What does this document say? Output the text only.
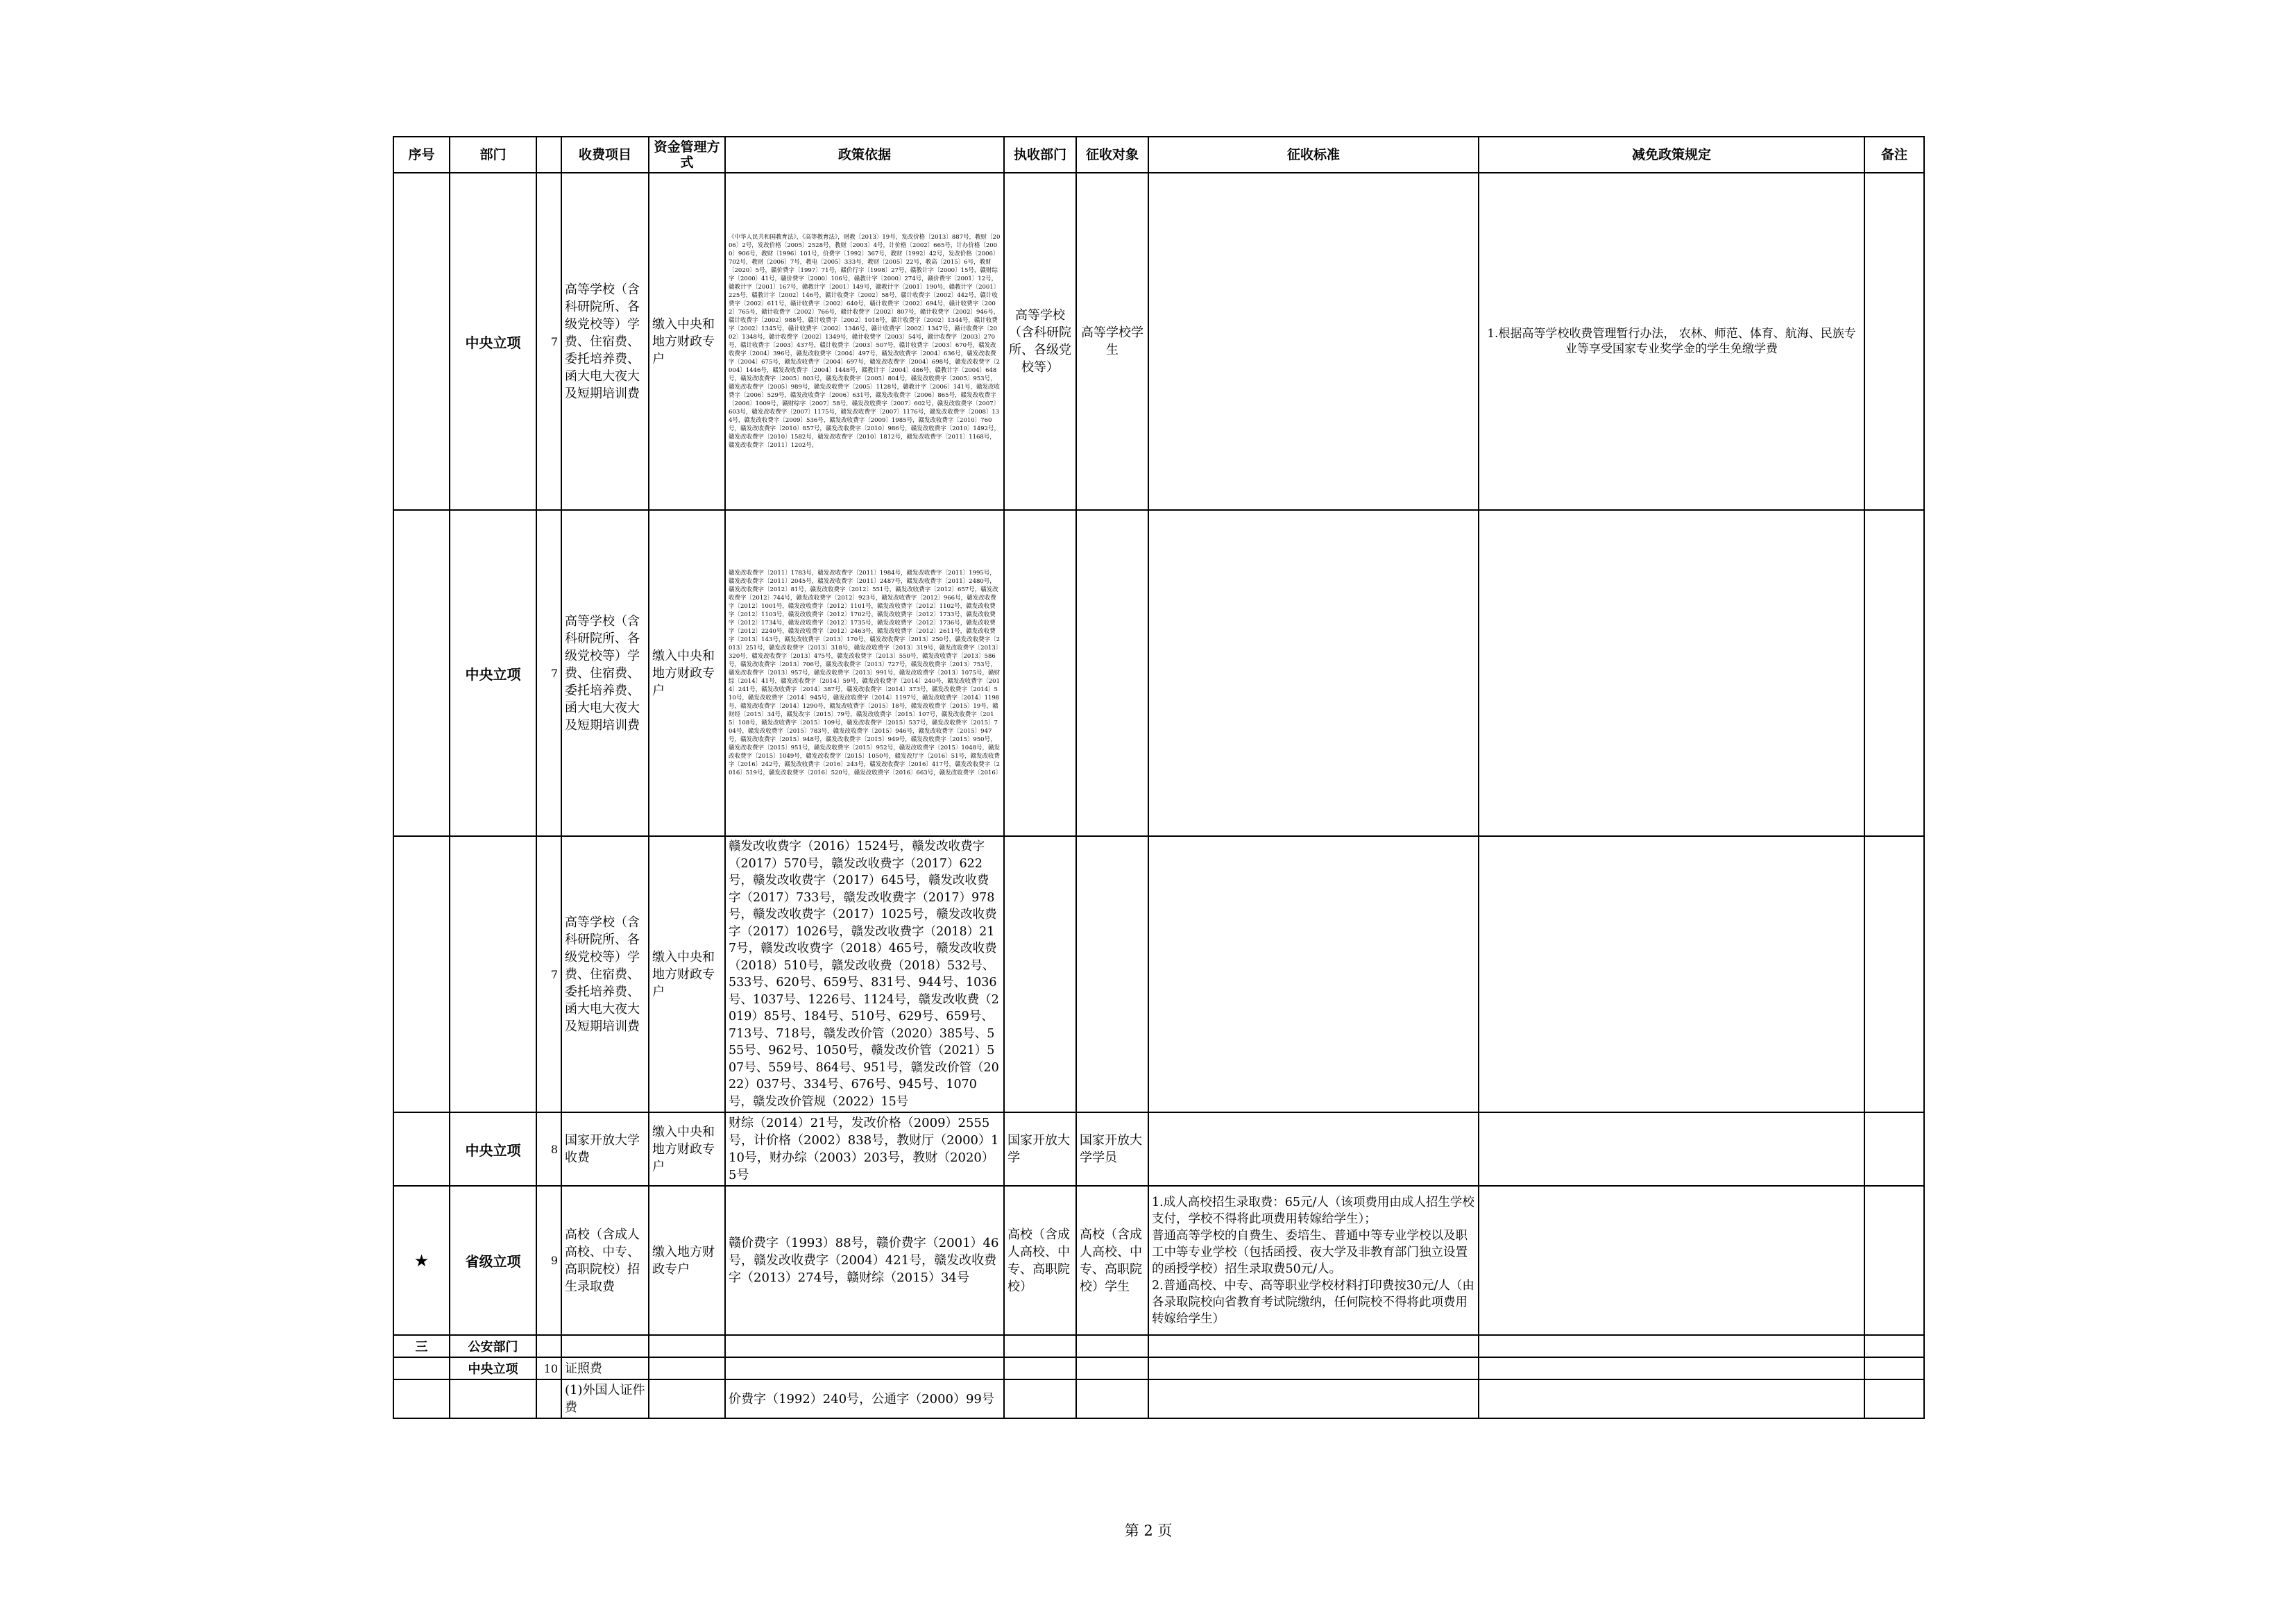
序号	部门		收费项目	资金管理方式	政策依据	执收部门	征收对象	征收标准	减免政策规定	备注
	中央立项	7	高等学校（含科研院所、各级党校等）学费、住宿费、委托培养费、函大电大夜大及短期培训费	缴入中央和地方财政专户	《中华人民共和国教育法》，《高等教育法》，财教〔2013〕19号，发改价格〔2013〕887号，教财〔2006〕2号，发改价格〔2005〕2528号，教财〔2003〕4号，计价格〔2002〕665号，计办价格〔2000〕906号，教财〔1996〕101号，价费字〔1992〕367号，教财〔1992〕42号，发改价格〔2006〕702号，教财〔2006〕7号，教电〔2005〕333号，教财〔2005〕22号，教高〔2015〕6号，教财〔2020〕5号，赣价费字〔1997〕71号，赣价行字〔1998〕27号，赣教计字〔2000〕15号，赣财综字〔2000〕41号，赣价费字〔2000〕106号，赣教计字〔2000〕274号，赣价费字〔2001〕12号，赣教计字〔2001〕167号，赣教计字〔2001〕149号，赣教计字〔2001〕190号，赣教计字〔2001〕225号，赣教计字〔2002〕146号，赣计收费字〔2002〕58号，赣计收费字〔2002〕442号，赣计收费字〔2002〕611号，赣计收费字〔2002〕640号，赣计收费字〔2002〕694号，赣计收费字〔2002〕765号，赣计收费字〔2002〕766号，赣计收费字〔2002〕807号，赣计收费字〔2002〕946号，赣计收费字〔2002〕988号，赣计收费字〔2002〕1018号，赣计收费字〔2002〕1344号，赣计收费字〔2002〕1345号，赣计收费字〔2002〕1346号，赣计收费字〔2002〕1347号，赣计收费字〔2002〕1348号，赣计收费字〔2002〕1349号，赣计收费字〔2003〕54号，赣计收费字〔2003〕270号，赣计收费字〔2003〕437号，赣计收费字〔2003〕507号，赣计收费字〔2003〕670号，赣发改收费字〔2004〕396号，赣发改收费字〔2004〕497号，赣发改收费字〔2004〕636号，赣发改收费字〔2004〕675号，赣发改收费字〔2004〕697号，赣发改收费字〔2004〕698号，赣发改收费字〔2004〕1446号，赣发改收费字〔2004〕1448号，赣教计字〔2004〕486号，赣教计字〔2004〕648号，赣发改收费字〔2005〕803号，赣发改收费字〔2005〕804号，赣发改收费字〔2005〕953号，赣发改收费字〔2005〕989号，赣发改收费字〔2005〕1128号，赣教计字〔2006〕141号，赣发改收费字〔2006〕529号，赣发改收费字〔2006〕631号，赣发改收费字〔2006〕865号，赣发改收费字〔2006〕1009号，赣财综字〔2007〕58号，赣发改收费字〔2007〕602号，赣发改收费字〔2007〕603号，赣发改收费字〔2007〕1175号，赣发改收费字〔2007〕1176号，赣发改收费字〔2008〕134号，赣发改收费字〔2009〕536号，赣发改收费字〔2009〕1985号，赣发改收费字〔2010〕760号，赣发改收费字〔2010〕857号，赣发改收费字〔2010〕986号，赣发改收费字〔2010〕1492号，赣发改收费字〔2010〕1582号，赣发改收费字〔2010〕1812号，赣发改收费字〔2011〕1168号，赣发改收费字〔2011〕1202号，	高等学校（含科研院所、各级党校等）	高等学校学生		1.根据高等学校收费管理暂行办法， 农林、师范、体育、航海、民族专业等享受国家专业奖学金的学生免缴学费	
	中央立项	7	高等学校（含科研院所、各级党校等）学费、住宿费、委托培养费、函大电大夜大及短期培训费	缴入中央和地方财政专户	赣发改收费字〔2011〕1783号，赣发改收费字〔2011〕1984号，赣发改收费字〔2011〕1995号，赣发改收费字〔2011〕2045号，赣发改收费字〔2011〕2487号，赣发改收费字〔2011〕2480号，赣发改收费字〔2012〕81号，赣发改收费字〔2012〕551号，赣发改收费字〔2012〕657号，赣发改收费字〔2012〕744号，赣发改收费字〔2012〕923号，赣发改收费字〔2012〕966号，赣发改收费字〔2012〕1001号，赣发改收费字〔2012〕1101号，赣发改收费字〔2012〕1102号，赣发改收费字〔2012〕1103号，赣发改收费字〔2012〕1702号，赣发改收费字〔2012〕1733号，赣发改收费字〔2012〕1734号，赣发改收费字〔2012〕1735号，赣发改收费字〔2012〕1736号，赣发改收费字〔2012〕2240号，赣发改收费字〔2012〕2463号，赣发改收费字〔2012〕2611号，赣发改收费字〔2013〕143号，赣发改收费字〔2013〕170号，赣发改收费字〔2013〕250号，赣发改收费字〔2013〕251号，赣发改收费字〔2013〕318号，赣发改收费字〔2013〕319号，赣发改收费字〔2013〕320号，赣发改收费字〔2013〕475号，赣发改收费字〔2013〕550号，赣发改收费字〔2013〕586号，赣发改收费字〔2013〕706号，赣发改收费字〔2013〕727号，赣发改收费字〔2013〕753号，赣发改收费字〔2013〕957号，赣发改收费字〔2013〕991号，赣发改收费字〔2013〕1075号，赣财综〔2014〕41号，赣发改收费字〔2014〕59号，赣发改收费字〔2014〕240号，赣发改收费字〔2014〕241号，赣发改收费字〔2014〕387号，赣发改收费字〔2014〕373号，赣发改收费字〔2014〕510号，赣发改收费字〔2014〕945号，赣发改收费字〔2014〕1197号，赣发改收费字〔2014〕1198号，赣发改收费字〔2014〕1290号，赣发改收费字〔2015〕18号，赣发改收费字〔2015〕19号，赣财经〔2015〕34号，赣发改字〔2015〕79号，赣发改收费字〔2015〕107号，赣发改收费字〔2015〕108号，赣发改收费字〔2015〕109号，赣发改收费字〔2015〕537号，赣发改收费字〔2015〕704号，赣发改收费字〔2015〕783号，赣发改收费字〔2015〕946号，赣发改收费字〔2015〕947号，赣发改收费字〔2015〕948号，赣发改收费字〔2015〕949号，赣发改收费字〔2015〕950号，赣发改收费字〔2015〕951号，赣发改收费字〔2015〕952号，赣发改收费字〔2015〕1048号，赣发改收费字〔2015〕1049号，赣发改收费字〔2015〕1050号，赣发改厅字〔2016〕51号，赣发改收费字〔2016〕242号，赣发改收费字〔2016〕243号，赣发改收费字〔2016〕417号，赣发改收费字〔2016〕519号，赣发改收费字〔2016〕520号，赣发改收费字〔2016〕663号，赣发改收费字〔2016〕					
		7	高等学校（含科研院所、各级党校等）学费、住宿费、委托培养费、函大电大夜大及短期培训费	缴入中央和地方财政专户	赣发改收费字（2016）1524号，赣发改收费字（2017）570号，赣发改收费字（2017）622号，赣发改收费字（2017）645号，赣发改收费字（2017）733号，赣发改收费字（2017）978号，赣发改收费字（2017）1025号，赣发改收费字（2017）1026号，赣发改收费字（2018）217号，赣发改收费字（2018）465号，赣发改收费（2018）510号，赣发改收费（2018）532号、533号、620号、659号、831号、944号、1036号、1037号、1226号、1124号，赣发改收费（2019）85号、184号、510号、629号、659号、713号、718号，赣发改价管（2020）385号、555号、962号、1050号，赣发改价管（2021）507号、559号、864号、951号，赣发改价管（2022）037号、334号、676号、945号、1070号，赣发改价管规（2022）15号					
	中央立项	8	国家开放大学收费	缴入中央和地方财政专户	财综（2014）21号，发改价格（2009）2555号，计价格（2002）838号，教财厅（2000）110号，财办综（2003）203号，教财（2020）5号	国家开放大学	国家开放大学学员			
★	省级立项	9	高校（含成人高校、中专、高职院校）招生录取费	缴入地方财政专户	赣价费字（1993）88号，赣价费字（2001）46号，赣发改收费字（2004）421号，赣发改收费字（2013）274号，赣财综（2015）34号	高校（含成人高校、中专、高职院校）	高校（含成人高校、中专、高职院校）学生	1.成人高校招生录取费：65元/人（该项费用由成人招生学校支付，学校不得将此项费用转嫁给学生）；
普通高等学校的自费生、委培生、普通中等专业学校以及职工中等专业学校（包括函授、夜大学及非教育部门独立设置的函授学校）招生录取费50元/人。
2.普通高校、中专、高等职业学校材料打印费按30元/人（由各录取院校向省教育考试院缴纳，任何院校不得将此项费用转嫁给学生）		
三	公安部门									
	中央立项	10	证照费							
			(1)外国人证件费		价费字（1992）240号，公通字（2000）99号					
第 2 页
